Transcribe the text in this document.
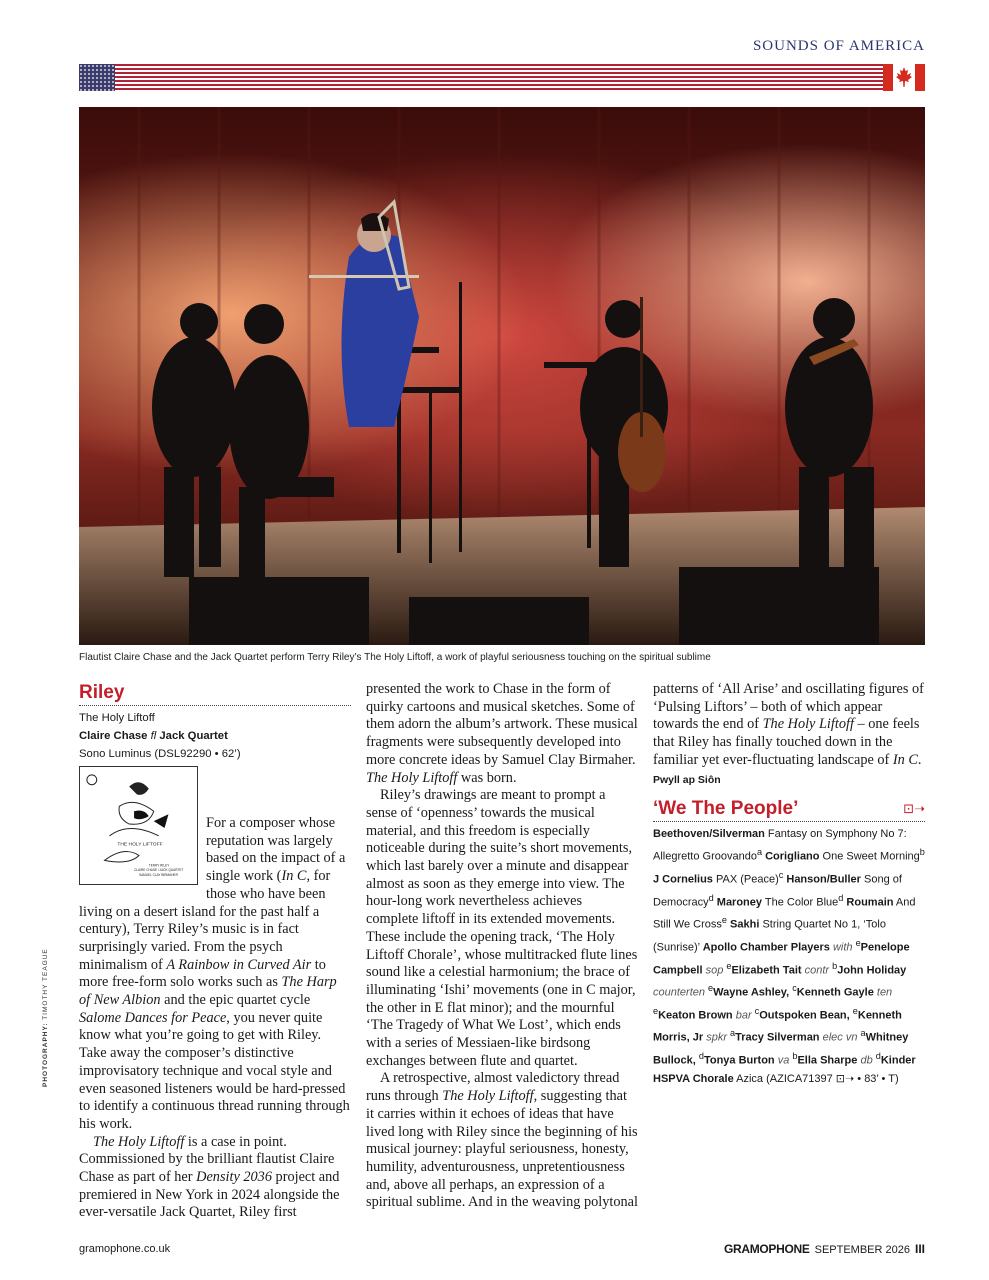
SOUNDS OF AMERICA
Flautist Claire Chase and the Jack Quartet perform Terry Riley’s The Holy Liftoff, a work of playful seriousness touching on the spiritual sublime
PHOTOGRAPHY: TIMOTHY TEAGUE
Riley
The Holy Liftoff
Claire Chase fl Jack Quartet
Sono Luminus (DSL92290 • 62’)
THE HOLY LIFTOFF
TERRY RILEY
CLAIRE CHASE / JACK QUARTET
SAMUEL CLAY BIRMAHER

For a composer whose reputation was largely based on the impact of a single work (In C, for those who have been living on a desert island for the past half a century), Terry Riley’s music is in fact surprisingly varied. From the psych minimalism of A Rainbow in Curved Air to more free-form solo works such as The Harp of New Albion and the epic quartet cycle Salome Dances for Peace, you never quite know what you’re going to get with Riley. Take away the composer’s distinctive improvisatory technique and vocal style and even seasoned listeners would be hard-pressed to identify a continuous thread running through his work.

The Holy Liftoff is a case in point. Commissioned by the brilliant flautist Claire Chase as part of her Density 2036 project and premiered in New York in 2024 alongside the ever-versatile Jack Quartet, Riley first presented the work to Chase in the form of quirky cartoons and musical sketches. Some of them adorn the album’s artwork. These musical fragments were subsequently developed into more concrete ideas by Samuel Clay Birmaher. The Holy Liftoff was born.

Riley’s drawings are meant to prompt a sense of ‘openness’ towards the musical material, and this freedom is especially noticeable during the suite’s short movements, which last barely over a minute and disappear almost as soon as they emerge into view. The hour-long work nevertheless achieves complete liftoff in its extended movements. These include the opening track, ‘The Holy Liftoff Chorale’, whose multitracked flute lines sound like a celestial harmonium; the brace of illuminating ‘Ishi’ movements (one in C major, the other in E flat minor); and the mournful ‘The Tragedy of What We Lost’, which ends with a series of Messiaen-like birdsong exchanges between flute and quartet.

A retrospective, almost valedictory thread runs through The Holy Liftoff, suggesting that it carries within it echoes of ideas that have lived long with Riley since the beginning of his musical journey: playful seriousness, honesty, humility, adventurousness, unpretentiousness and, above all perhaps, an expression of a spiritual sublime. And in the weaving polytonal patterns of ‘All Arise’ and oscillating figures of ‘Pulsing Liftors’ – both of which appear towards the end of The Holy Liftoff – one feels that Riley has finally touched down in the familiar yet ever-fluctuating landscape of In C.

Pwyll ap Siôn
‘We The People’	⊡➝
Beethoven/Silverman Fantasy on Symphony No 7: Allegretto Groovando$^a$ Corigliano One Sweet Morning$^b$ J Cornelius PAX (Peace)$^c$ Hanson/Buller Song of Democracy$^d$ Maroney The Color Blue$^d$ Roumain And Still We Cross$^e$ Sakhi String Quartet No 1, ‘Tolo (Sunrise)’ Apollo Chamber Players with $^e$Penelope Campbell sop $^e$Elizabeth Tait contr $^b$John Holiday counterten $^e$Wayne Ashley, $^c$Kenneth Gayle ten $^e$Keaton Brown bar $^c$Outspoken Bean, $^e$Kenneth Morris, Jr spkr $^a$Tracy Silverman elec vn $^a$Whitney Bullock, $^d$Tonya Burton va $^b$Ella Sharpe db $^d$Kinder HSPVA Chorale Azica (AZICA71397 ⊡➝ • 83’ • T)
gramophone.co.uk	GRAMOPHONE SEPTEMBER 2026 III
